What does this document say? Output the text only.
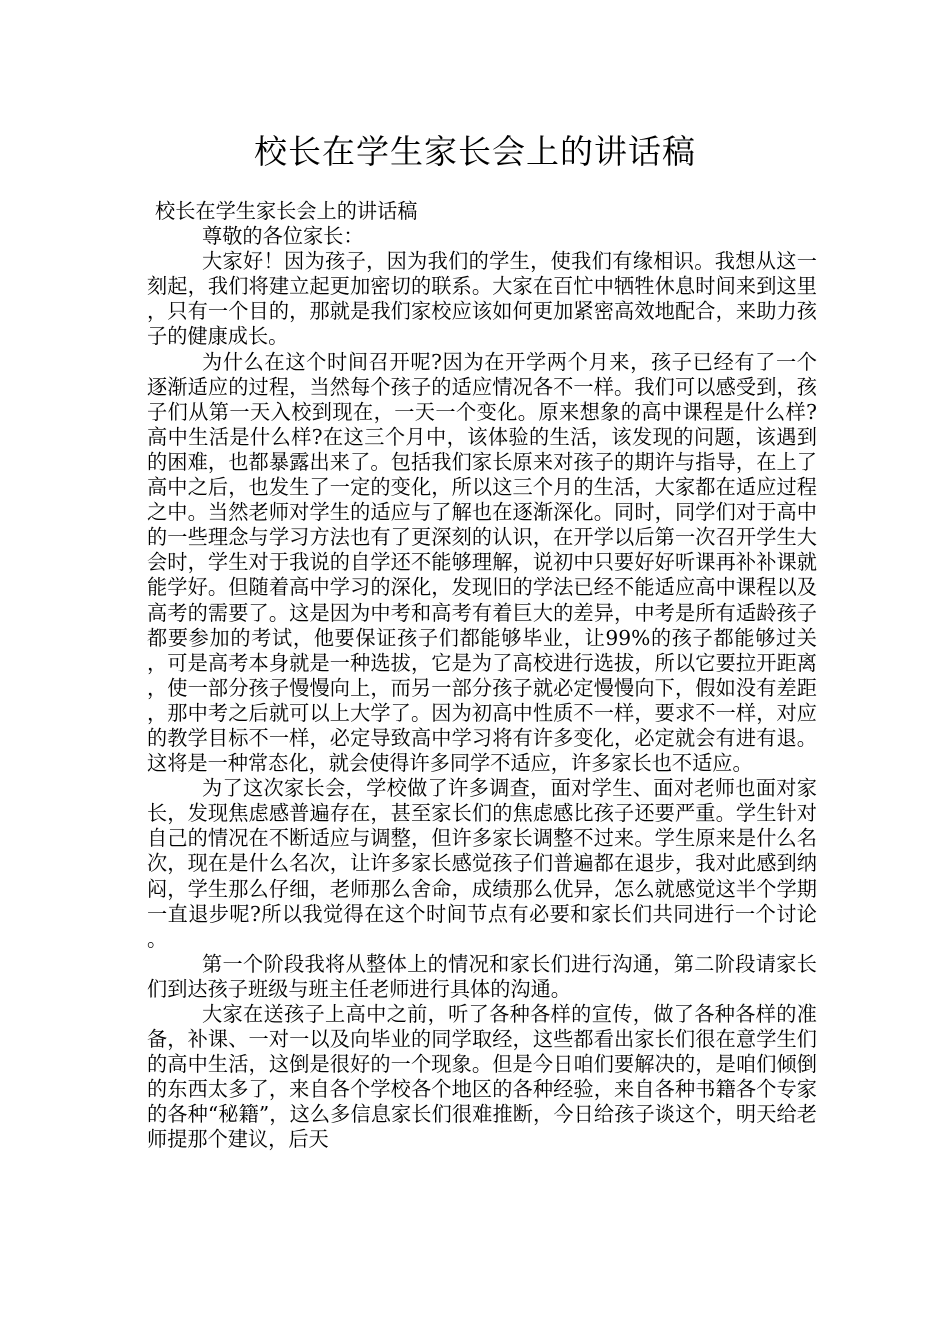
校长在学生家长会上的讲话稿

校长在学生家长会上的讲话稿

尊敬的各位家长：

大家好！因为孩子，因为我们的学生，使我们有缘相识。我想从这一刻起，我们将建立起更加密切的联系。大家在百忙中牺牲休息时间来到这里，只有一个目的，那就是我们家校应该如何更加紧密高效地配合，来助力孩子的健康成长。

为什么在这个时间召开呢?因为在开学两个月来，孩子已经有了一个逐渐适应的过程，当然每个孩子的适应情况各不一样。我们可以感受到，孩子们从第一天入校到现在，一天一个变化。原来想象的高中课程是什么样?高中生活是什么样?在这三个月中，该体验的生活，该发现的问题，该遇到的困难，也都暴露出来了。包括我们家长原来对孩子的期许与指导，在上了高中之后，也发生了一定的变化，所以这三个月的生活，大家都在适应过程之中。当然老师对学生的适应与了解也在逐渐深化。同时，同学们对于高中的一些理念与学习方法也有了更深刻的认识，在开学以后第一次召开学生大会时，学生对于我说的自学还不能够理解，说初中只要好好听课再补补课就能学好。但随着高中学习的深化，发现旧的学法已经不能适应高中课程以及高考的需要了。这是因为中考和高考有着巨大的差异，中考是所有适龄孩子都要参加的考试，他要保证孩子们都能够毕业，让99%的孩子都能够过关，可是高考本身就是一种选拔，它是为了高校进行选拔，所以它要拉开距离，使一部分孩子慢慢向上，而另一部分孩子就必定慢慢向下，假如没有差距，那中考之后就可以上大学了。因为初高中性质不一样，要求不一样，对应的教学目标不一样，必定导致高中学习将有许多变化，必定就会有进有退。这将是一种常态化，就会使得许多同学不适应，许多家长也不适应。

为了这次家长会，学校做了许多调查，面对学生、面对老师也面对家长，发现焦虑感普遍存在，甚至家长们的焦虑感比孩子还要严重。学生针对自己的情况在不断适应与调整，但许多家长调整不过来。学生原来是什么名次，现在是什么名次，让许多家长感觉孩子们普遍都在退步，我对此感到纳闷，学生那么仔细，老师那么舍命，成绩那么优异，怎么就感觉这半个学期一直退步呢?所以我觉得在这个时间节点有必要和家长们共同进行一个讨论。

第一个阶段我将从整体上的情况和家长们进行沟通，第二阶段请家长们到达孩子班级与班主任老师进行具体的沟通。

大家在送孩子上高中之前，听了各种各样的宣传，做了各种各样的准备，补课、一对一以及向毕业的同学取经，这些都看出家长们很在意学生们的高中生活，这倒是很好的一个现象。但是今日咱们要解决的，是咱们倾倒的东西太多了，来自各个学校各个地区的各种经验，来自各种书籍各个专家的各种“秘籍”，这么多信息家长们很难推断，今日给孩子谈这个，明天给老师提那个建议，后天
